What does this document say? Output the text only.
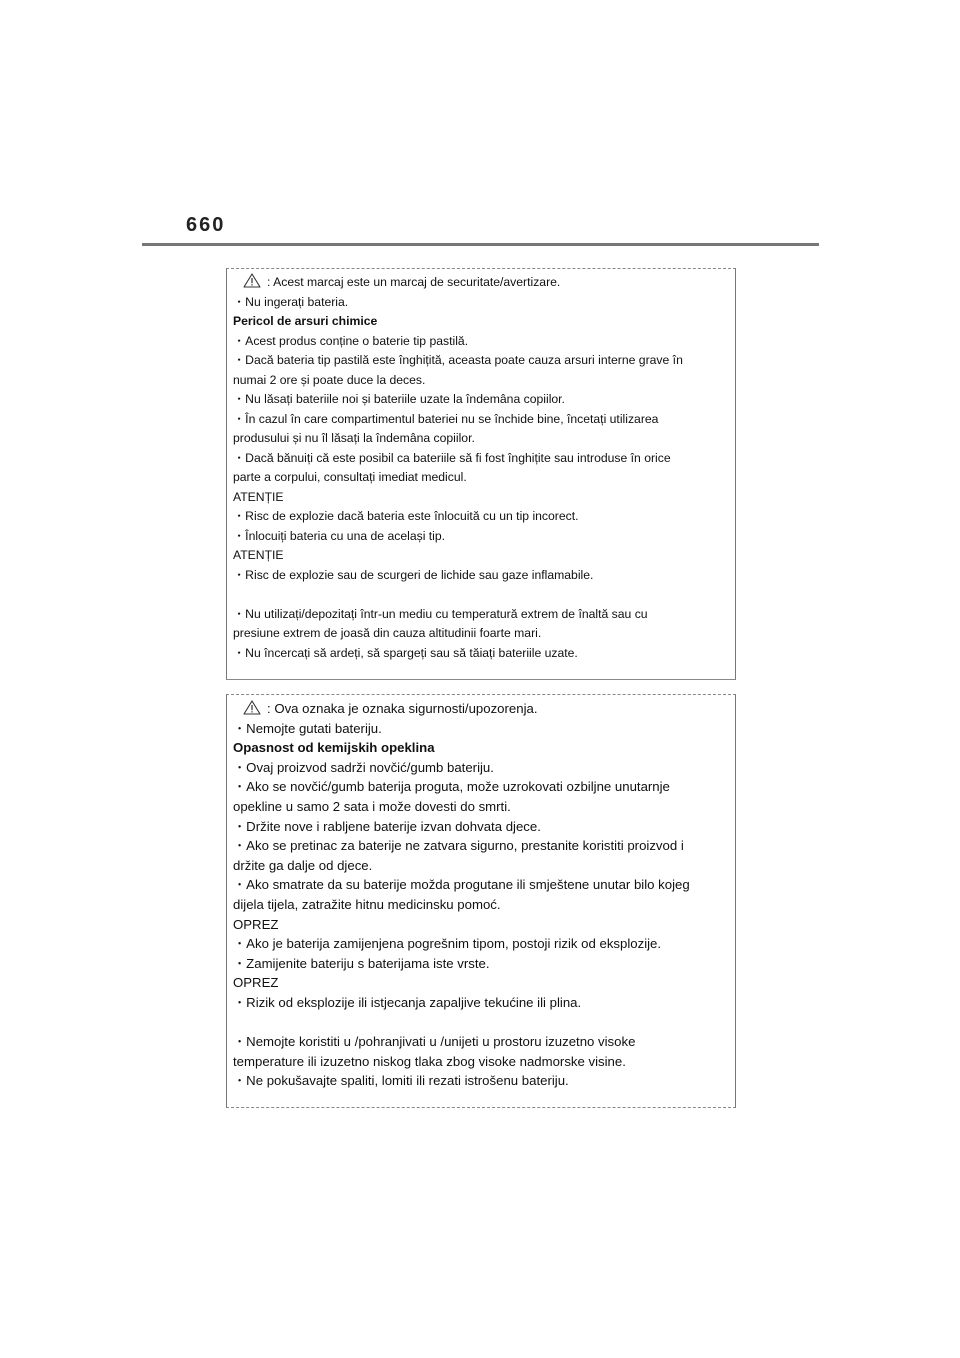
660
: Acest marcaj este un marcaj de securitate/avertizare.
・Nu ingerați bateria.
Pericol de arsuri chimice
・Acest produs conține o baterie tip pastilă.
・Dacă bateria tip pastilă este înghițită, aceasta poate cauza arsuri interne grave în
numai 2 ore și poate duce la deces.
・Nu lăsați bateriile noi și bateriile uzate la îndemâna copiilor.
・În cazul în care compartimentul bateriei nu se închide bine, încetați utilizarea
produsului și nu îl lăsați la îndemâna copiilor.
・Dacă bănuiți că este posibil ca bateriile să fi fost înghițite sau introduse în orice
parte a corpului, consultați imediat medicul.
ATENȚIE
・Risc de explozie dacă bateria este înlocuită cu un tip incorect.
・Înlocuiți bateria cu una de același tip.
ATENȚIE
・Risc de explozie sau de scurgeri de lichide sau gaze inflamabile.
・Nu utilizați/depozitați într-un mediu cu temperatură extrem de înaltă sau cu
presiune extrem de joasă din cauza altitudinii foarte mari.
・Nu încercați să ardeți, să spargeți sau să tăiați bateriile uzate.
: Ova oznaka je oznaka sigurnosti/upozorenja.
・Nemojte gutati bateriju.
Opasnost od kemijskih opeklina
・Ovaj proizvod sadrži novčić/gumb bateriju.
・Ako se novčić/gumb baterija proguta, može uzrokovati ozbiljne unutarnje
opekline u samo 2 sata i može dovesti do smrti.
・Držite nove i rabljene baterije izvan dohvata djece.
・Ako se pretinac za baterije ne zatvara sigurno, prestanite koristiti proizvod i
držite ga dalje od djece.
・Ako smatrate da su baterije možda progutane ili smještene unutar bilo kojeg
dijela tijela, zatražite hitnu medicinsku pomoć.
OPREZ
・Ako je baterija zamijenjena pogrešnim tipom, postoji rizik od eksplozije.
・Zamijenite bateriju s baterijama iste vrste.
OPREZ
・Rizik od eksplozije ili istjecanja zapaljive tekućine ili plina.
・Nemojte koristiti u /pohranjivati u /unijeti u prostoru izuzetno visoke
temperature ili izuzetno niskog tlaka zbog visoke nadmorske visine.
・Ne pokušavajte spaliti, lomiti ili rezati istrošenu bateriju.
